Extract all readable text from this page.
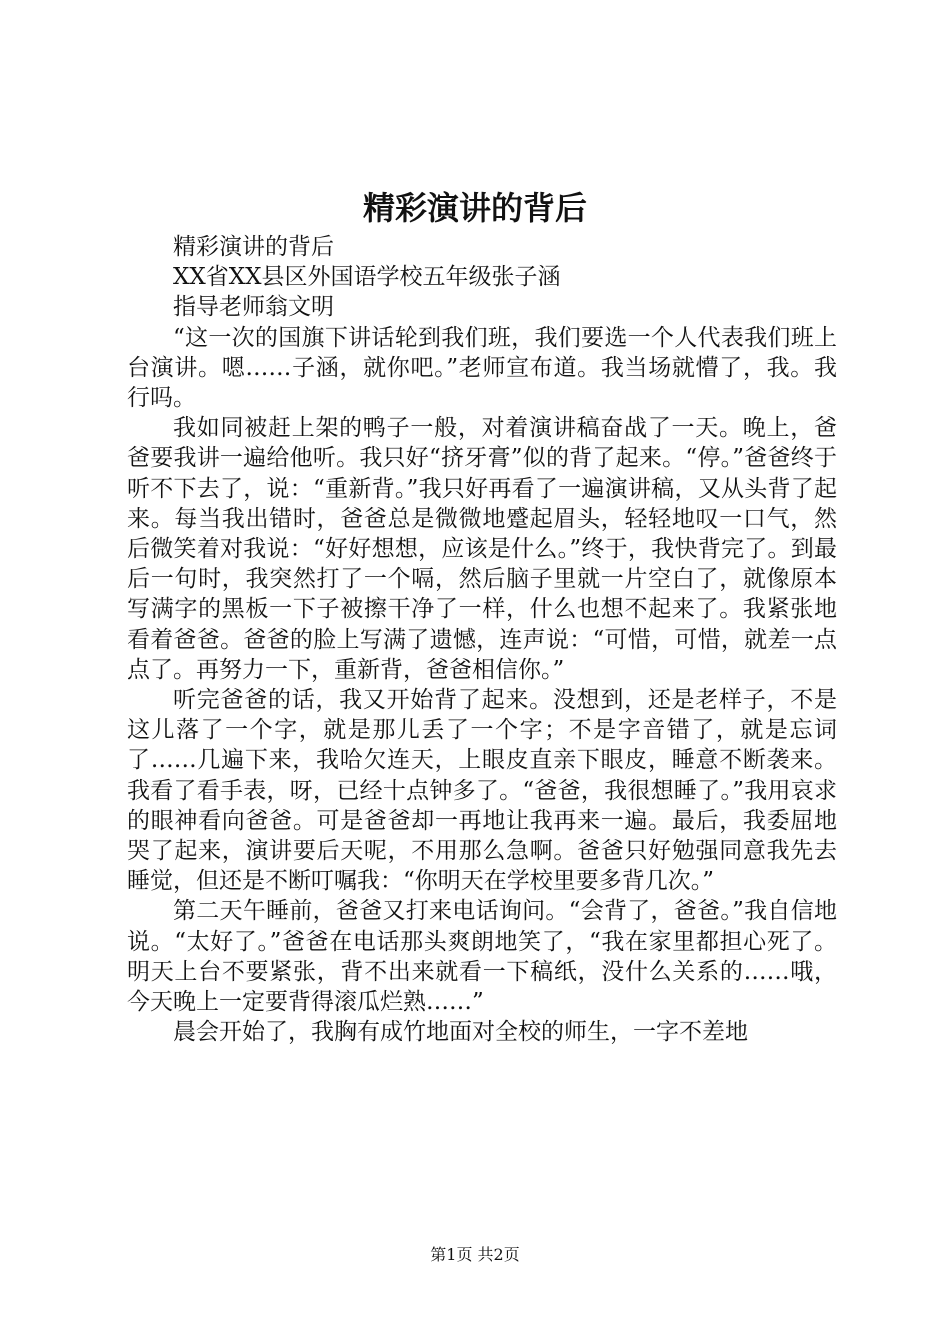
精彩演讲的背后

精彩演讲的背后

XX省XX县区外国语学校五年级张子涵

指导老师翁文明

“这一次的国旗下讲话轮到我们班，我们要选一个人代表我们班上台演讲。嗯……子涵，就你吧。”老师宣布道。我当场就懵了，我。我行吗。

我如同被赶上架的鸭子一般，对着演讲稿奋战了一天。晚上，爸爸要我讲一遍给他听。我只好“挤牙膏”似的背了起来。“停。”爸爸终于听不下去了，说：“重新背。”我只好再看了一遍演讲稿，又从头背了起来。每当我出错时，爸爸总是微微地蹙起眉头，轻轻地叹一口气，然后微笑着对我说：“好好想想，应该是什么。”终于，我快背完了。到最后一句时，我突然打了一个嗝，然后脑子里就一片空白了，就像原本写满字的黑板一下子被擦干净了一样，什么也想不起来了。我紧张地看着爸爸。爸爸的脸上写满了遗憾，连声说：“可惜，可惜，就差一点点了。再努力一下，重新背，爸爸相信你。”

听完爸爸的话，我又开始背了起来。没想到，还是老样子，不是这儿落了一个字，就是那儿丢了一个字；不是字音错了，就是忘词了……几遍下来，我哈欠连天，上眼皮直亲下眼皮，睡意不断袭来。我看了看手表，呀，已经十点钟多了。“爸爸，我很想睡了。”我用哀求的眼神看向爸爸。可是爸爸却一再地让我再来一遍。最后，我委屈地哭了起来，演讲要后天呢，不用那么急啊。爸爸只好勉强同意我先去睡觉，但还是不断叮嘱我：“你明天在学校里要多背几次。”

第二天午睡前，爸爸又打来电话询问。“会背了，爸爸。”我自信地说。“太好了。”爸爸在电话那头爽朗地笑了，“我在家里都担心死了。明天上台不要紧张，背不出来就看一下稿纸，没什么关系的……哦，今天晚上一定要背得滚瓜烂熟……”

晨会开始了，我胸有成竹地面对全校的师生，一字不差地

第1页 共2页
